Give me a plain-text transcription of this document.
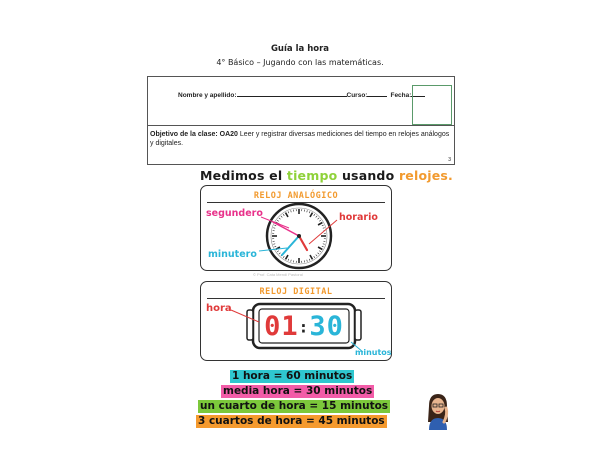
Guía la hora
4° Básico – Jugando con las matemáticas.
Nombre y apellido:	Curso:	Fecha:
Objetivo de la clase: OA20 Leer y registrar diversas mediciones del tiempo en relojes análogos y digitales.
3
Medimos el tiempo usando relojes.
RELOJ ANALÓGICO
segundero	horario
minutero
© Prof. Cata Mendi Pastoral
RELOJ DIGITAL
01:30
hora
minutos
1 hora = 60 minutos
media hora = 30 minutos
un cuarto de hora = 15 minutos
3 cuartos de hora = 45 minutos
